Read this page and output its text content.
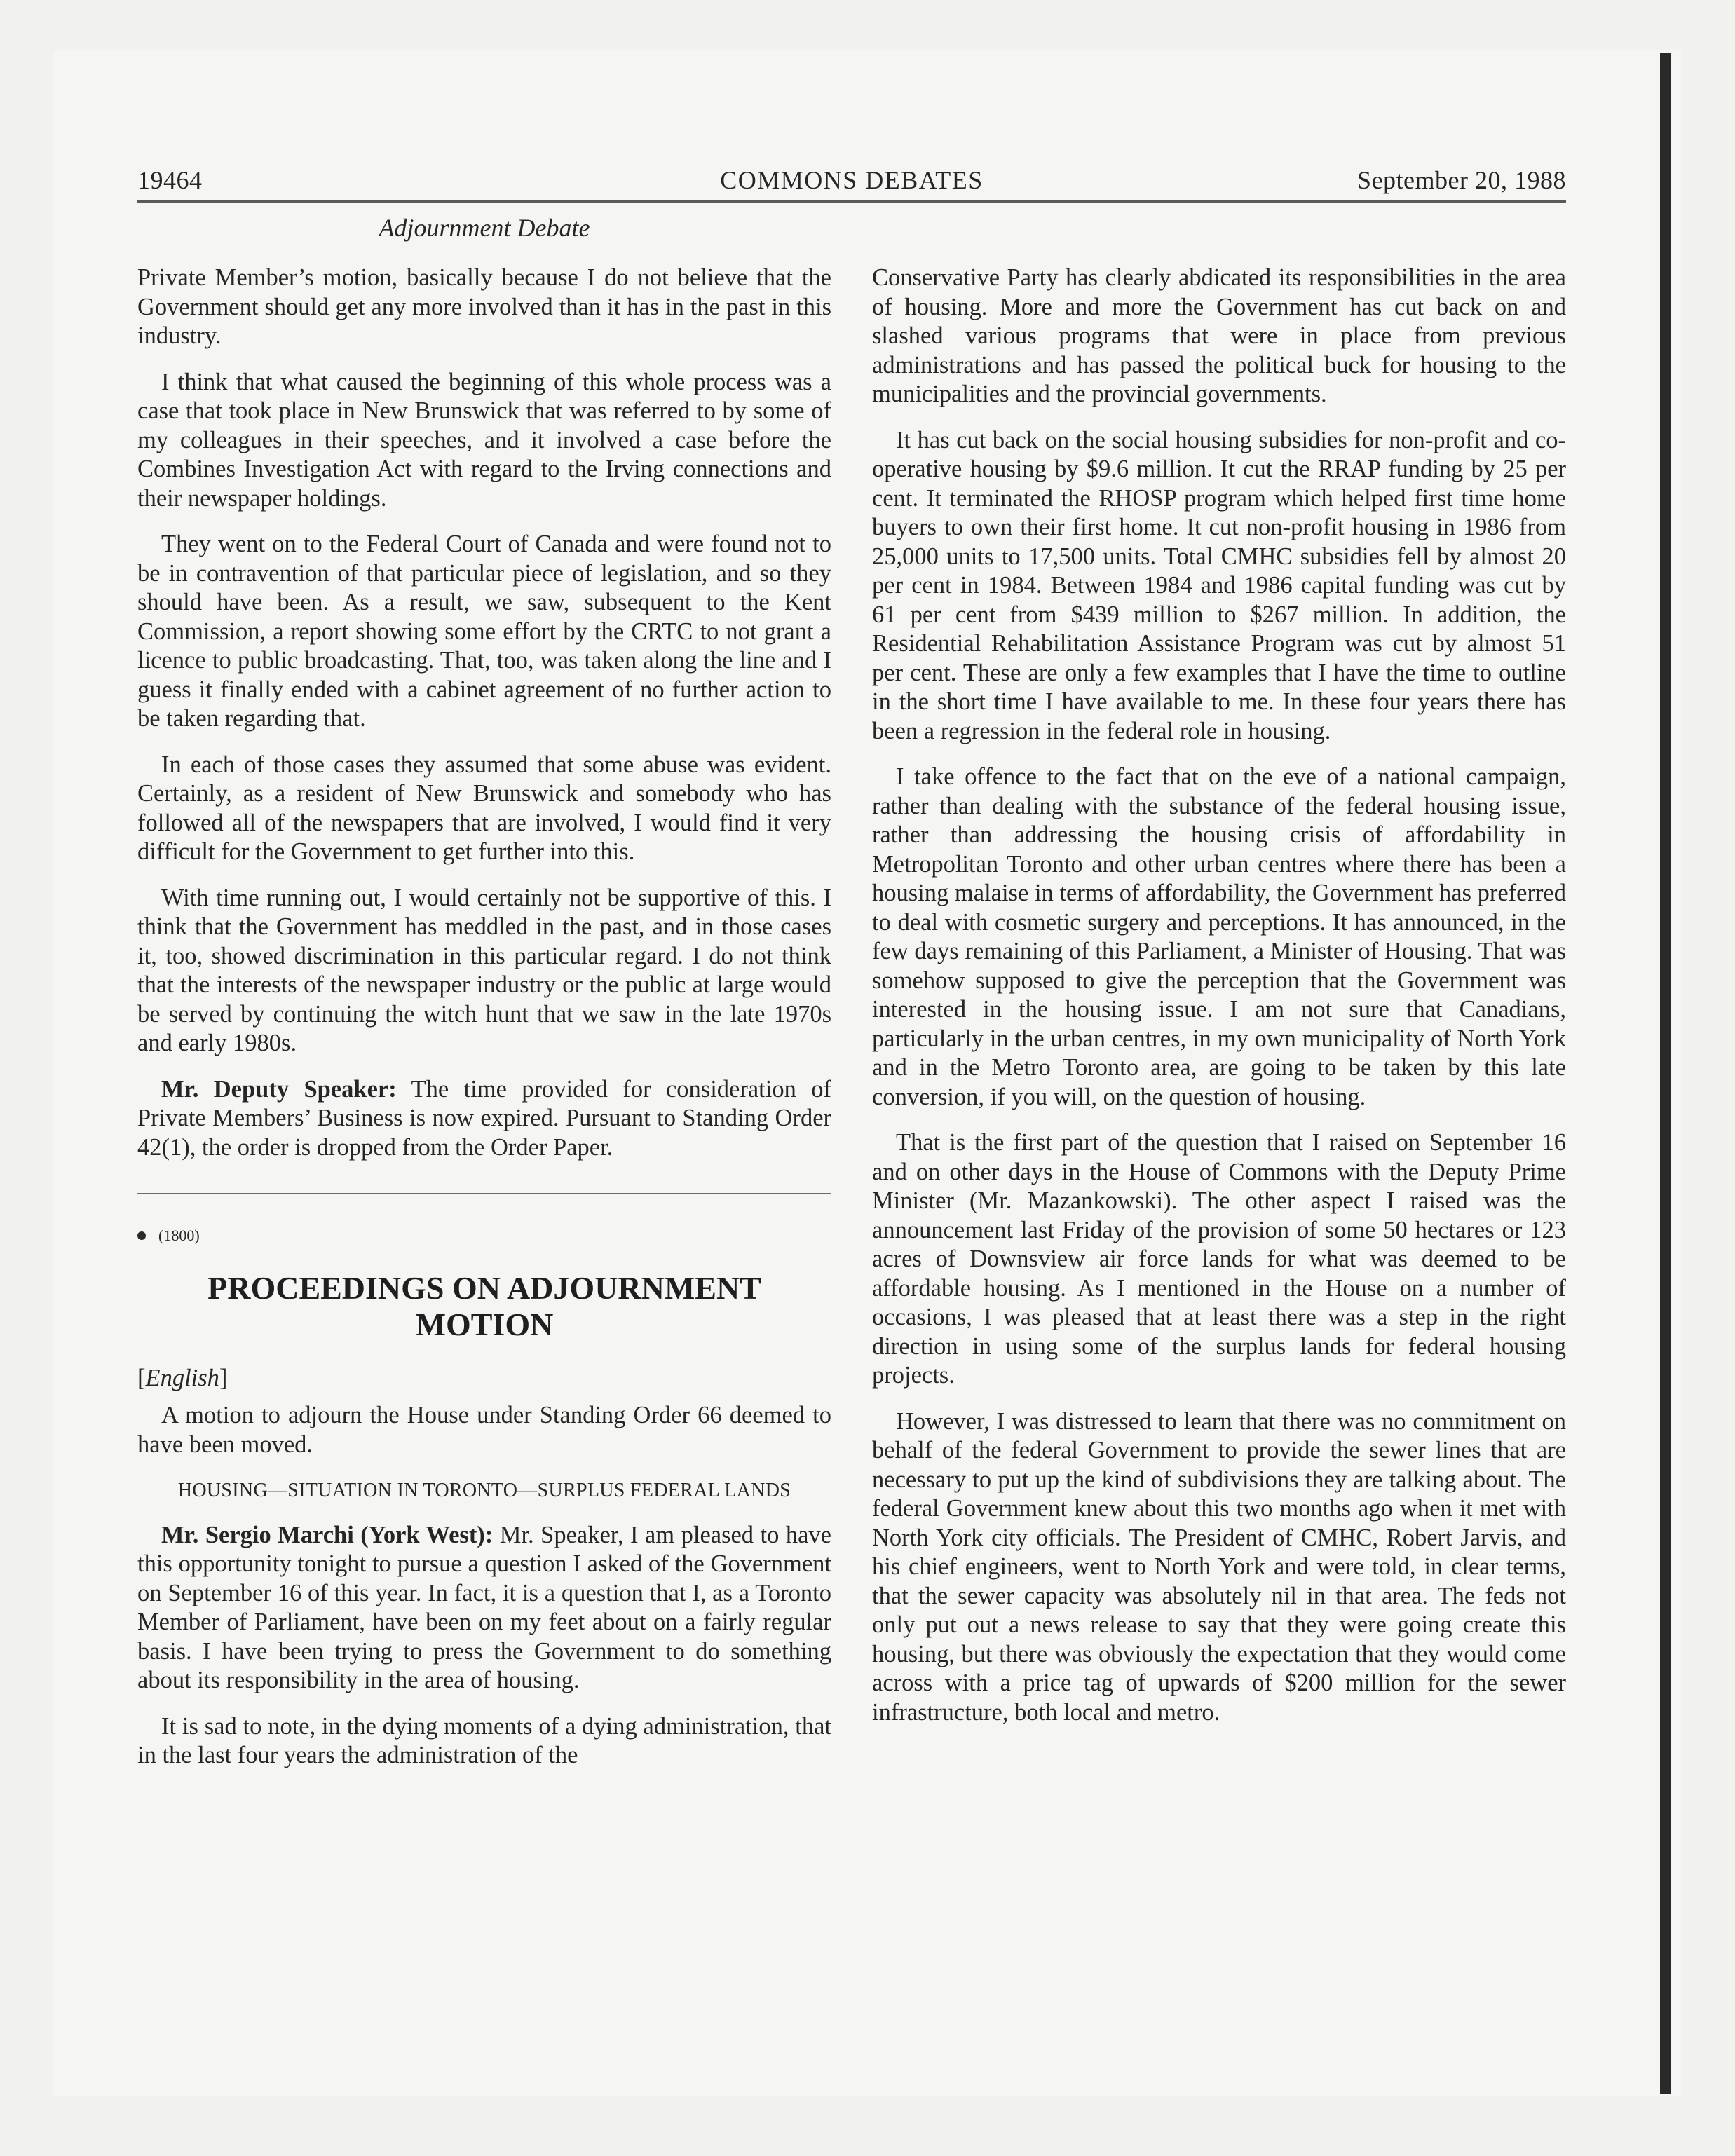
19464	COMMONS DEBATES	September 20, 1988
Adjournment Debate

Private Member’s motion, basically because I do not believe that the Government should get any more involved than it has in the past in this industry.

I think that what caused the beginning of this whole process was a case that took place in New Brunswick that was referred to by some of my colleagues in their speeches, and it involved a case before the Combines Investigation Act with regard to the Irving connections and their newspaper holdings.

They went on to the Federal Court of Canada and were found not to be in contravention of that particular piece of legislation, and so they should have been. As a result, we saw, subsequent to the Kent Commission, a report showing some effort by the CRTC to not grant a licence to public broadcasting. That, too, was taken along the line and I guess it finally ended with a cabinet agreement of no further action to be taken regarding that.

In each of those cases they assumed that some abuse was evident. Certainly, as a resident of New Brunswick and somebody who has followed all of the newspapers that are involved, I would find it very difficult for the Government to get further into this.

With time running out, I would certainly not be supportive of this. I think that the Government has meddled in the past, and in those cases it, too, showed discrimination in this particular regard. I do not think that the interests of the newspaper industry or the public at large would be served by continuing the witch hunt that we saw in the late 1970s and early 1980s.

Mr. Deputy Speaker: The time provided for consideration of Private Members’ Business is now expired. Pursuant to Standing Order 42(1), the order is dropped from the Order Paper.

(1800)
PROCEEDINGS ON ADJOURNMENT
MOTION
[English]

A motion to adjourn the House under Standing Order 66 deemed to have been moved.

HOUSING—SITUATION IN TORONTO—SURPLUS FEDERAL LANDS

Mr. Sergio Marchi (York West): Mr. Speaker, I am pleased to have this opportunity tonight to pursue a question I asked of the Government on September 16 of this year. In fact, it is a question that I, as a Toronto Member of Parliament, have been on my feet about on a fairly regular basis. I have been trying to press the Government to do something about its responsibility in the area of housing.

It is sad to note, in the dying moments of a dying administration, that in the last four years the administration of the

Conservative Party has clearly abdicated its responsibilities in the area of housing. More and more the Government has cut back on and slashed various programs that were in place from previous administrations and has passed the political buck for housing to the municipalities and the provincial governments.

It has cut back on the social housing subsidies for non-profit and co-operative housing by $9.6 million. It cut the RRAP funding by 25 per cent. It terminated the RHOSP program which helped first time home buyers to own their first home. It cut non-profit housing in 1986 from 25,000 units to 17,500 units. Total CMHC subsidies fell by almost 20 per cent in 1984. Between 1984 and 1986 capital funding was cut by 61 per cent from $439 million to $267 million. In addition, the Residential Rehabilitation Assistance Program was cut by almost 51 per cent. These are only a few examples that I have the time to outline in the short time I have available to me. In these four years there has been a regression in the federal role in housing.

I take offence to the fact that on the eve of a national campaign, rather than dealing with the substance of the federal housing issue, rather than addressing the housing crisis of affordability in Metropolitan Toronto and other urban centres where there has been a housing malaise in terms of affordability, the Government has preferred to deal with cosmetic surgery and perceptions. It has announced, in the few days remaining of this Parliament, a Minister of Housing. That was somehow supposed to give the perception that the Government was interested in the housing issue. I am not sure that Canadians, particularly in the urban centres, in my own municipality of North York and in the Metro Toronto area, are going to be taken by this late conversion, if you will, on the question of housing.

That is the first part of the question that I raised on September 16 and on other days in the House of Commons with the Deputy Prime Minister (Mr. Mazankowski). The other aspect I raised was the announcement last Friday of the provision of some 50 hectares or 123 acres of Downsview air force lands for what was deemed to be affordable housing. As I mentioned in the House on a number of occasions, I was pleased that at least there was a step in the right direction in using some of the surplus lands for federal housing projects.

However, I was distressed to learn that there was no commitment on behalf of the federal Government to provide the sewer lines that are necessary to put up the kind of subdivisions they are talking about. The federal Government knew about this two months ago when it met with North York city officials. The President of CMHC, Robert Jarvis, and his chief engineers, went to North York and were told, in clear terms, that the sewer capacity was absolutely nil in that area. The feds not only put out a news release to say that they were going create this housing, but there was obviously the expectation that they would come across with a price tag of upwards of $200 million for the sewer infrastructure, both local and metro.
